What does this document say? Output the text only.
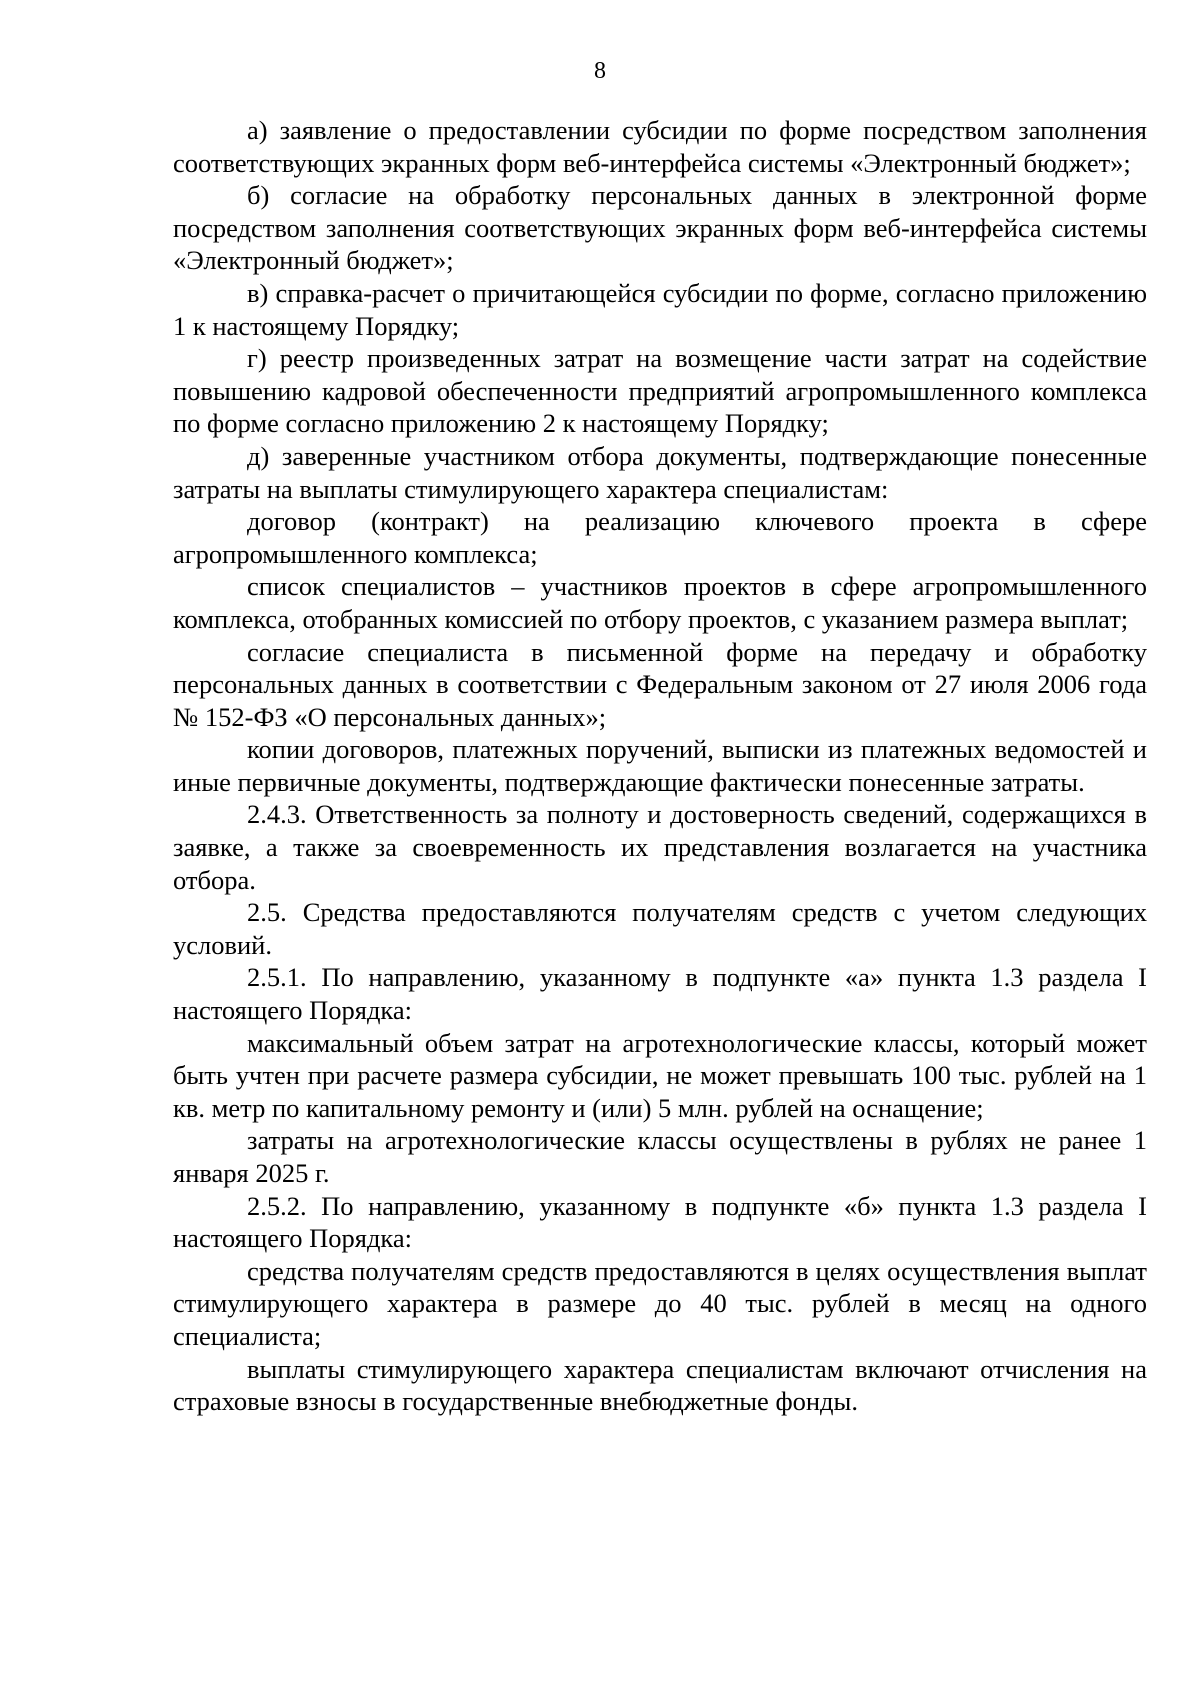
8

а) заявление о предоставлении субсидии по форме посредством заполнения соответствующих экранных форм веб-интерфейса системы «Электронный бюджет»;

б) согласие на обработку персональных данных в электронной форме посредством заполнения соответствующих экранных форм веб-интерфейса системы «Электронный бюджет»;

в) справка-расчет о причитающейся субсидии по форме, согласно приложению 1 к настоящему Порядку;

г) реестр произведенных затрат на возмещение части затрат на содействие повышению кадровой обеспеченности предприятий агропромышленного комплекса по форме согласно приложению 2 к настоящему Порядку;

д) заверенные участником отбора документы, подтверждающие понесенные затраты на выплаты стимулирующего характера специалистам:

договор (контракт) на реализацию ключевого проекта в сфере агропромышленного комплекса;

список специалистов – участников проектов в сфере агропромышленного комплекса, отобранных комиссией по отбору проектов, с указанием размера выплат;

согласие специалиста в письменной форме на передачу и обработку персональных данных в соответствии с Федеральным законом от 27 июля 2006 года № 152-ФЗ «О персональных данных»;

копии договоров, платежных поручений, выписки из платежных ведомостей и иные первичные документы, подтверждающие фактически понесенные затраты.

2.4.3. Ответственность за полноту и достоверность сведений, содержащихся в заявке, а также за своевременность их представления возлагается на участника отбора.

2.5. Средства предоставляются получателям средств с учетом следующих условий.

2.5.1. По направлению, указанному в подпункте «а» пункта 1.3 раздела I настоящего Порядка:

максимальный объем затрат на агротехнологические классы, который может быть учтен при расчете размера субсидии, не может превышать 100 тыс. рублей на 1 кв. метр по капитальному ремонту и (или) 5 млн. рублей на оснащение;

затраты на агротехнологические классы осуществлены в рублях не ранее 1 января 2025 г.

2.5.2. По направлению, указанному в подпункте «б» пункта 1.3 раздела I настоящего Порядка:

средства получателям средств предоставляются в целях осуществления выплат стимулирующего характера в размере до 40 тыс. рублей в месяц на одного специалиста;

выплаты стимулирующего характера специалистам включают отчисления на страховые взносы в государственные внебюджетные фонды.
